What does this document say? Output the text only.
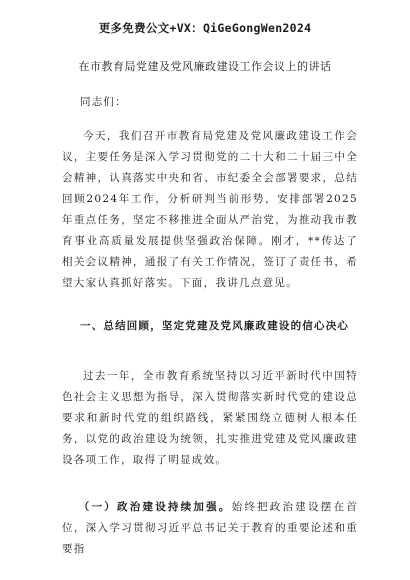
更多免费公文+VX：QiGeGongWen2024
在市教育局党建及党风廉政建设工作会议上的讲话
同志们：
今天，我们召开市教育局党建及党风廉政建设工作会议，主要任务是深入学习贯彻党的二十大和二十届三中全会精神，认真落实中央和省、市纪委全会部署要求，总结回顾2024年工作，分析研判当前形势，安排部署2025年重点任务，坚定不移推进全面从严治党，为推动我市教育事业高质量发展提供坚强政治保障。刚才，**传达了相关会议精神，通报了有关工作情况，签订了责任书，希望大家认真抓好落实。下面，我讲几点意见。
一、总结回顾，坚定党建及党风廉政建设的信心决心
过去一年，全市教育系统坚持以习近平新时代中国特色社会主义思想为指导，深入贯彻落实新时代党的建设总要求和新时代党的组织路线，紧紧围绕立德树人根本任务，以党的政治建设为统领，扎实推进党建及党风廉政建设各项工作，取得了明显成效。
（一）政治建设持续加强。始终把政治建设摆在首位，深入学习贯彻习近平总书记关于教育的重要论述和重要指
